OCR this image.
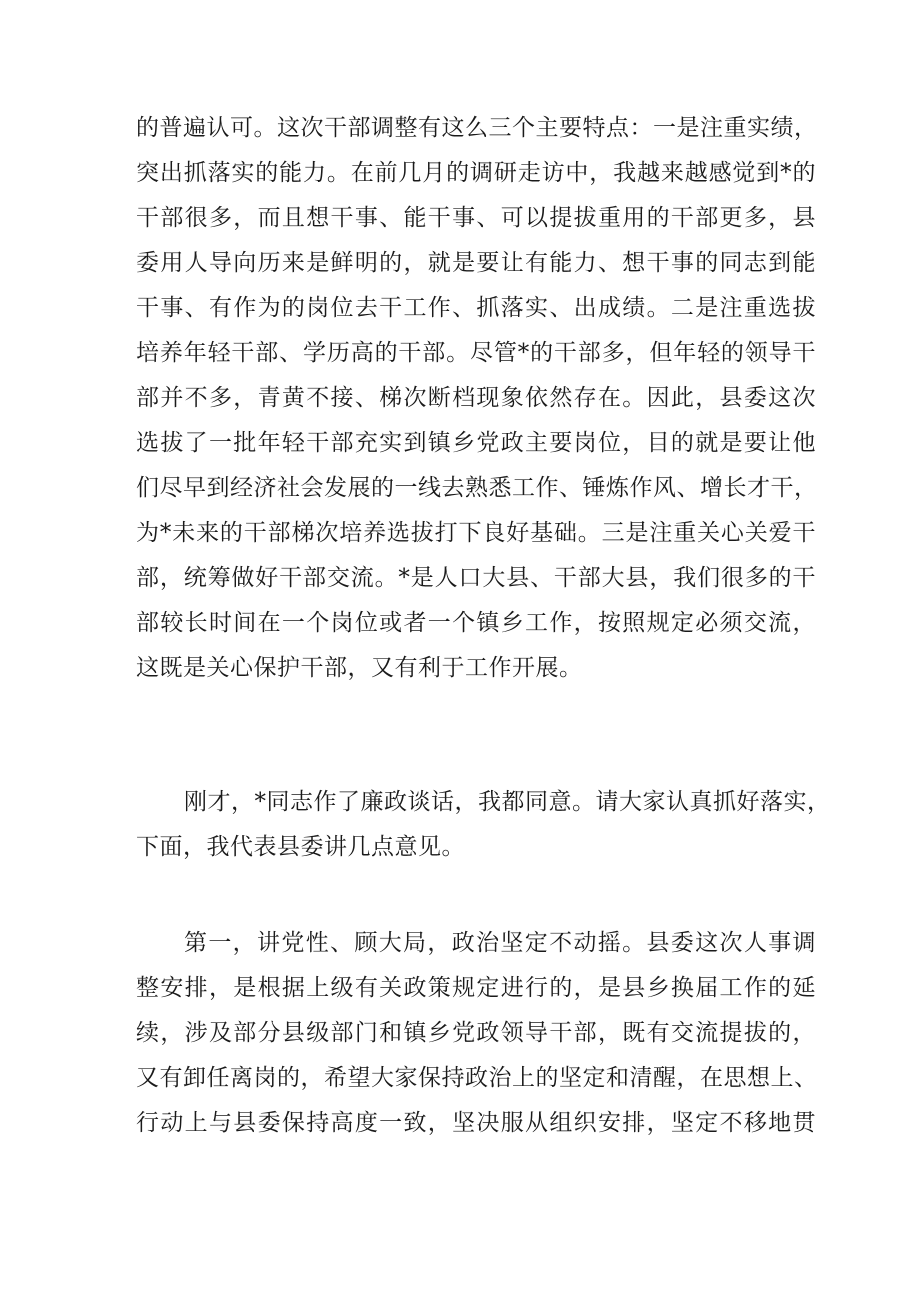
的普遍认可。这次干部调整有这么三个主要特点：一是注重实绩，
突出抓落实的能力。在前几月的调研走访中，我越来越感觉到*的
干部很多，而且想干事、能干事、可以提拔重用的干部更多，县
委用人导向历来是鲜明的，就是要让有能力、想干事的同志到能
干事、有作为的岗位去干工作、抓落实、出成绩。二是注重选拔
培养年轻干部、学历高的干部。尽管*的干部多，但年轻的领导干
部并不多，青黄不接、梯次断档现象依然存在。因此，县委这次
选拔了一批年轻干部充实到镇乡党政主要岗位，目的就是要让他
们尽早到经济社会发展的一线去熟悉工作、锤炼作风、增长才干，
为*未来的干部梯次培养选拔打下良好基础。三是注重关心关爱干
部，统筹做好干部交流。*是人口大县、干部大县，我们很多的干
部较长时间在一个岗位或者一个镇乡工作，按照规定必须交流，
这既是关心保护干部，又有利于工作开展。
刚才，*同志作了廉政谈话，我都同意。请大家认真抓好落实，
下面，我代表县委讲几点意见。
第一，讲党性、顾大局，政治坚定不动摇。县委这次人事调
整安排，是根据上级有关政策规定进行的，是县乡换届工作的延
续，涉及部分县级部门和镇乡党政领导干部，既有交流提拔的，
又有卸任离岗的，希望大家保持政治上的坚定和清醒，在思想上、
行动上与县委保持高度一致，坚决服从组织安排，坚定不移地贯
